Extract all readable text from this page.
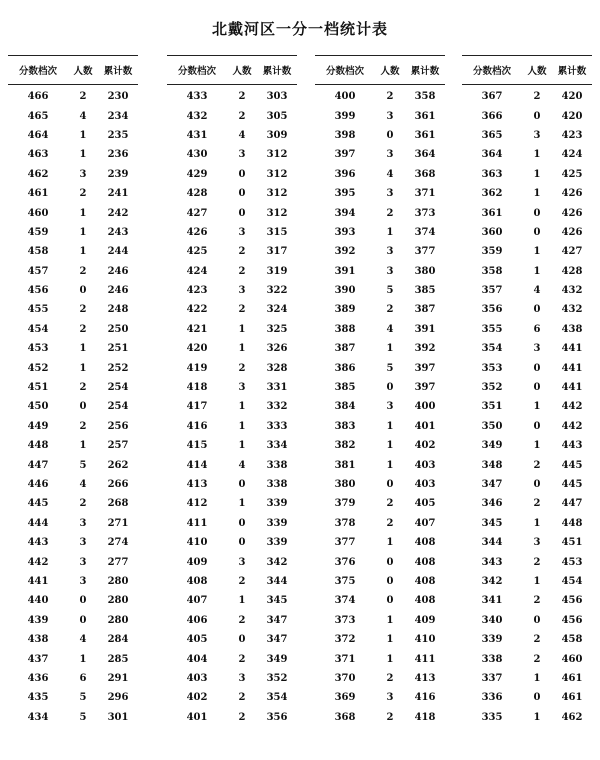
北戴河区一分一档统计表
分数档次	人数	累计数
466	2	230
465	4	234
464	1	235
463	1	236
462	3	239
461	2	241
460	1	242
459	1	243
458	1	244
457	2	246
456	0	246
455	2	248
454	2	250
453	1	251
452	1	252
451	2	254
450	0	254
449	2	256
448	1	257
447	5	262
446	4	266
445	2	268
444	3	271
443	3	274
442	3	277
441	3	280
440	0	280
439	0	280
438	4	284
437	1	285
436	6	291
435	5	296
434	5	301
分数档次	人数	累计数
433	2	303
432	2	305
431	4	309
430	3	312
429	0	312
428	0	312
427	0	312
426	3	315
425	2	317
424	2	319
423	3	322
422	2	324
421	1	325
420	1	326
419	2	328
418	3	331
417	1	332
416	1	333
415	1	334
414	4	338
413	0	338
412	1	339
411	0	339
410	0	339
409	3	342
408	2	344
407	1	345
406	2	347
405	0	347
404	2	349
403	3	352
402	2	354
401	2	356
分数档次	人数	累计数
400	2	358
399	3	361
398	0	361
397	3	364
396	4	368
395	3	371
394	2	373
393	1	374
392	3	377
391	3	380
390	5	385
389	2	387
388	4	391
387	1	392
386	5	397
385	0	397
384	3	400
383	1	401
382	1	402
381	1	403
380	0	403
379	2	405
378	2	407
377	1	408
376	0	408
375	0	408
374	0	408
373	1	409
372	1	410
371	1	411
370	2	413
369	3	416
368	2	418
分数档次	人数	累计数
367	2	420
366	0	420
365	3	423
364	1	424
363	1	425
362	1	426
361	0	426
360	0	426
359	1	427
358	1	428
357	4	432
356	0	432
355	6	438
354	3	441
353	0	441
352	0	441
351	1	442
350	0	442
349	1	443
348	2	445
347	0	445
346	2	447
345	1	448
344	3	451
343	2	453
342	1	454
341	2	456
340	0	456
339	2	458
338	2	460
337	1	461
336	0	461
335	1	462
